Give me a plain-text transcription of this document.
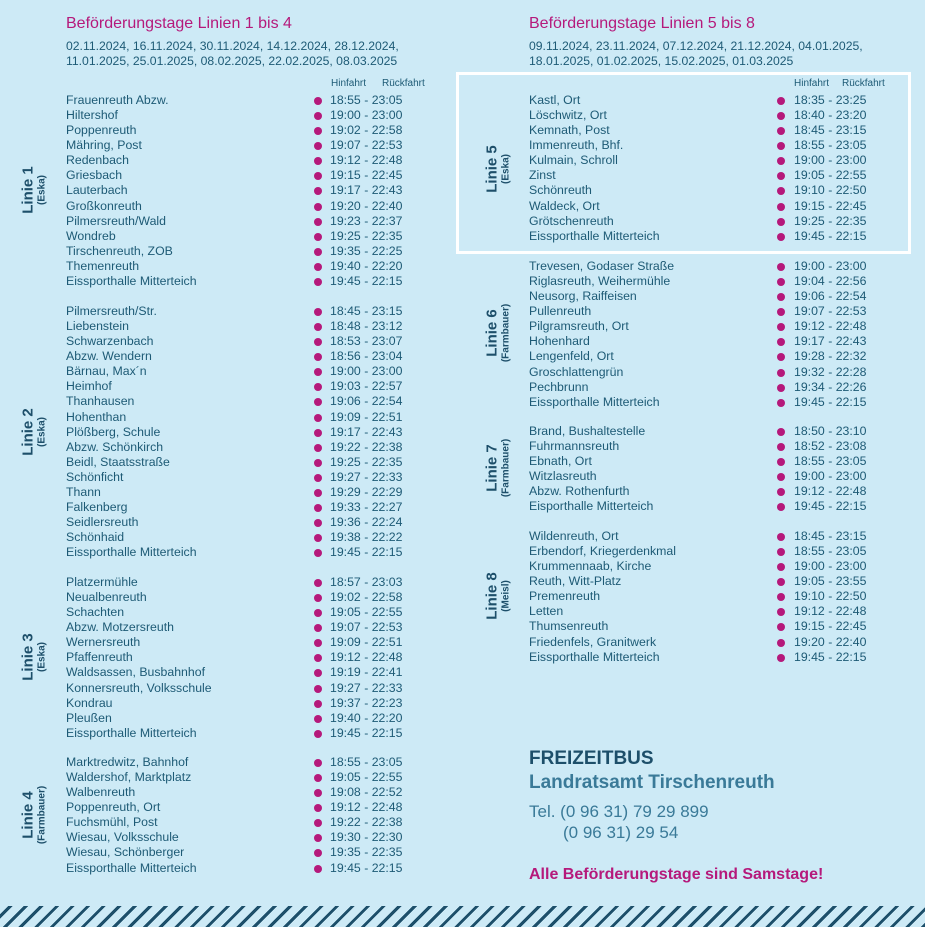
Beförderungstage Linien 1 bis 4
02.11.2024, 16.11.2024, 30.11.2024, 14.12.2024, 28.12.2024,
11.01.2025, 25.01.2025, 08.02.2025, 22.02.2025, 08.03.2025
Hinfahrt Rückfahrt
Beförderungstage Linien 5 bis 8
09.11.2024, 23.11.2024, 07.12.2024, 21.12.2024, 04.01.2025,
18.01.2025, 01.02.2025, 15.02.2025, 01.03.2025
Hinfahrt Rückfahrt
Linie 1 (Eska)
Linie 2 (Eska)
Linie 3 (Eska)
Linie 4 (Farmbauer)
Linie 5 (Eska)
Linie 6 (Farmbauer)
Linie 7 (Farmbauer)
Linie 8 (Meisl)
Frauenreuth Abzw.	18:55 - 23:05
Hiltershof	19:00 - 23:00
Poppenreuth	19:02 - 22:58
Mähring, Post	19:07 - 22:53
Redenbach	19:12 - 22:48
Griesbach	19:15 - 22:45
Lauterbach	19:17 - 22:43
Großkonreuth	19:20 - 22:40
Pilmersreuth/Wald	19:23 - 22:37
Wondreb	19:25 - 22:35
Tirschenreuth, ZOB	19:35 - 22:25
Themenreuth	19:40 - 22:20
Eissporthalle Mitterteich	19:45 - 22:15
Pilmersreuth/Str.	18:45 - 23:15
Liebenstein	18:48 - 23:12
Schwarzenbach	18:53 - 23:07
Abzw. Wendern	18:56 - 23:04
Bärnau, Max´n	19:00 - 23:00
Heimhof	19:03 - 22:57
Thanhausen	19:06 - 22:54
Hohenthan	19:09 - 22:51
Plößberg, Schule	19:17 - 22:43
Abzw. Schönkirch	19:22 - 22:38
Beidl, Staatsstraße	19:25 - 22:35
Schönficht	19:27 - 22:33
Thann	19:29 - 22:29
Falkenberg	19:33 - 22:27
Seidlersreuth	19:36 - 22:24
Schönhaid	19:38 - 22:22
Eissporthalle Mitterteich	19:45 - 22:15
Platzermühle	18:57 - 23:03
Neualbenreuth	19:02 - 22:58
Schachten	19:05 - 22:55
Abzw. Motzersreuth	19:07 - 22:53
Wernersreuth	19:09 - 22:51
Pfaffenreuth	19:12 - 22:48
Waldsassen, Busbahnhof	19:19 - 22:41
Konnersreuth, Volksschule	19:27 - 22:33
Kondrau	19:37 - 22:23
Pleußen	19:40 - 22:20
Eissporthalle Mitterteich	19:45 - 22:15
Marktredwitz, Bahnhof	18:55 - 23:05
Waldershof, Marktplatz	19:05 - 22:55
Walbenreuth	19:08 - 22:52
Poppenreuth, Ort	19:12 - 22:48
Fuchsmühl, Post	19:22 - 22:38
Wiesau, Volksschule	19:30 - 22:30
Wiesau, Schönberger	19:35 - 22:35
Eissporthalle Mitterteich	19:45 - 22:15
Kastl, Ort	18:35 - 23:25
Löschwitz, Ort	18:40 - 23:20
Kemnath, Post	18:45 - 23:15
Immenreuth, Bhf.	18:55 - 23:05
Kulmain, Schroll	19:00 - 23:00
Zinst	19:05 - 22:55
Schönreuth	19:10 - 22:50
Waldeck, Ort	19:15 - 22:45
Grötschenreuth	19:25 - 22:35
Eissporthalle Mitterteich	19:45 - 22:15
Trevesen, Godaser Straße	19:00 - 23:00
Riglasreuth, Weihermühle	19:04 - 22:56
Neusorg, Raiffeisen	19:06 - 22:54
Pullenreuth	19:07 - 22:53
Pilgramsreuth, Ort	19:12 - 22:48
Hohenhard	19:17 - 22:43
Lengenfeld, Ort	19:28 - 22:32
Groschlattengrün	19:32 - 22:28
Pechbrunn	19:34 - 22:26
Eissporthalle Mitterteich	19:45 - 22:15
Brand, Bushaltestelle	18:50 - 23:10
Fuhrmannsreuth	18:52 - 23:08
Ebnath, Ort	18:55 - 23:05
Witzlasreuth	19:00 - 23:00
Abzw. Rothenfurth	19:12 - 22:48
Eisporthalle Mitterteich	19:45 - 22:15
Wildenreuth, Ort	18:45 - 23:15
Erbendorf, Kriegerdenkmal	18:55 - 23:05
Krummennaab, Kirche	19:00 - 23:00
Reuth, Witt-Platz	19:05 - 23:55
Premenreuth	19:10 - 22:50
Letten	19:12 - 22:48
Thumsenreuth	19:15 - 22:45
Friedenfels, Granitwerk	19:20 - 22:40
Eissporthalle Mitterteich	19:45 - 22:15
FREIZEITBUS
Landratsamt Tirschenreuth
Tel. (0 96 31) 79 29 899
(0 96 31) 29 54
Alle Beförderungstage sind Samstage!
